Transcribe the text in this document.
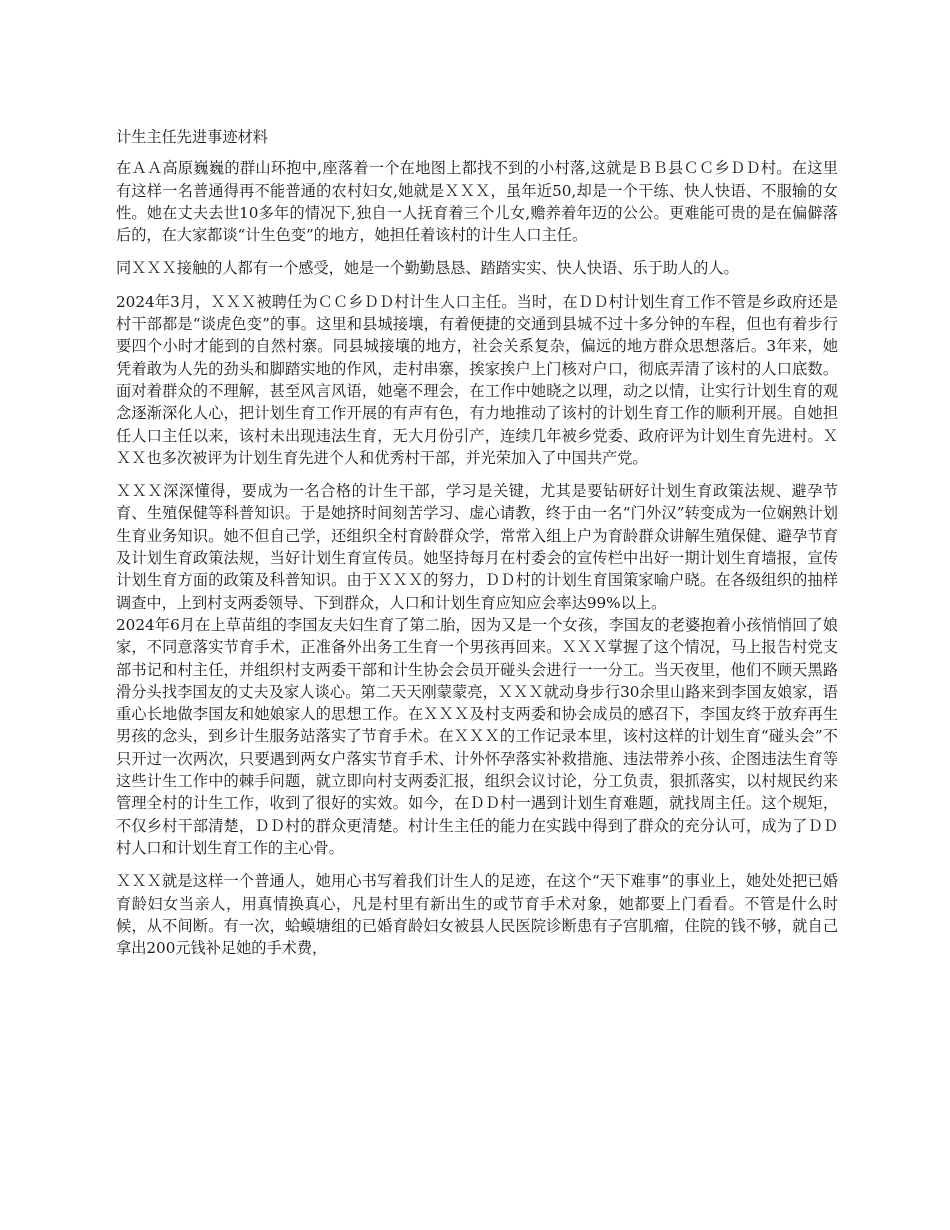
计生主任先进事迹材料

在ＡＡ高原巍巍的群山环抱中,座落着一个在地图上都找不到的小村落,这就是ＢＢ县ＣＣ乡ＤＤ村。在这里有这样一名普通得再不能普通的农村妇女,她就是ＸＸＸ，虽年近50,却是一个干练、快人快语、不服输的女性。她在丈夫去世10多年的情况下,独自一人抚育着三个儿女,赡养着年迈的公公。更难能可贵的是在偏僻落后的，在大家都谈“计生色变”的地方，她担任着该村的计生人口主任。

同ＸＸＸ接触的人都有一个感受，她是一个勤勤恳恳、踏踏实实、快人快语、乐于助人的人。

2024年3月，ＸＸＸ被聘任为ＣＣ乡ＤＤ村计生人口主任。当时，在ＤＤ村计划生育工作不管是乡政府还是村干部都是“谈虎色变”的事。这里和县城接壤，有着便捷的交通到县城不过十多分钟的车程，但也有着步行要四个小时才能到的自然村寨。同县城接壤的地方，社会关系复杂，偏远的地方群众思想落后。3年来，她凭着敢为人先的劲头和脚踏实地的作风，走村串寨，挨家挨户上门核对户口，彻底弄清了该村的人口底数。面对着群众的不理解，甚至风言风语，她毫不理会，在工作中她晓之以理，动之以情，让实行计划生育的观念逐渐深化人心，把计划生育工作开展的有声有色，有力地推动了该村的计划生育工作的顺利开展。自她担任人口主任以来，该村未出现违法生育，无大月份引产，连续几年被乡党委、政府评为计划生育先进村。ＸＸＸ也多次被评为计划生育先进个人和优秀村干部，并光荣加入了中国共产党。

ＸＸＸ深深懂得，要成为一名合格的计生干部，学习是关键，尤其是要钻研好计划生育政策法规、避孕节育、生殖保健等科普知识。于是她挤时间刻苦学习、虚心请教，终于由一名“门外汉”转变成为一位娴熟计划生育业务知识。她不但自己学，还组织全村育龄群众学，常常入组上户为育龄群众讲解生殖保健、避孕节育及计划生育政策法规，当好计划生育宣传员。她坚持每月在村委会的宣传栏中出好一期计划生育墙报，宣传计划生育方面的政策及科普知识。由于ＸＸＸ的努力，ＤＤ村的计划生育国策家喻户晓。在各级组织的抽样调查中，上到村支两委领导、下到群众，人口和计划生育应知应会率达99%以上。

2024年6月在上草苗组的李国友夫妇生育了第二胎，因为又是一个女孩，李国友的老婆抱着小孩悄悄回了娘家，不同意落实节育手术，正准备外出务工生育一个男孩再回来。ＸＸＸ掌握了这个情况，马上报告村党支部书记和村主任，并组织村支两委干部和计生协会会员开碰头会进行一一分工。当天夜里，他们不顾天黑路滑分头找李国友的丈夫及家人谈心。第二天天刚蒙蒙亮，ＸＸＸ就动身步行30余里山路来到李国友娘家，语重心长地做李国友和她娘家人的思想工作。在ＸＸＸ及村支两委和协会成员的感召下，李国友终于放弃再生男孩的念头，到乡计生服务站落实了节育手术。在ＸＸＸ的工作记录本里，该村这样的计划生育“碰头会”不只开过一次两次，只要遇到两女户落实节育手术、计外怀孕落实补救措施、违法带养小孩、企图违法生育等这些计生工作中的棘手问题，就立即向村支两委汇报，组织会议讨论，分工负责，狠抓落实，以村规民约来管理全村的计生工作，收到了很好的实效。如今，在ＤＤ村一遇到计划生育难题，就找周主任。这个规矩，不仅乡村干部清楚，ＤＤ村的群众更清楚。村计生主任的能力在实践中得到了群众的充分认可，成为了ＤＤ村人口和计划生育工作的主心骨。

ＸＸＸ就是这样一个普通人，她用心书写着我们计生人的足迹，在这个“天下难事”的事业上，她处处把已婚育龄妇女当亲人，用真情换真心，凡是村里有新出生的或节育手术对象，她都要上门看看。不管是什么时候，从不间断。有一次，蛤蟆塘组的已婚育龄妇女被县人民医院诊断患有子宫肌瘤，住院的钱不够，就自己拿出200元钱补足她的手术费，
